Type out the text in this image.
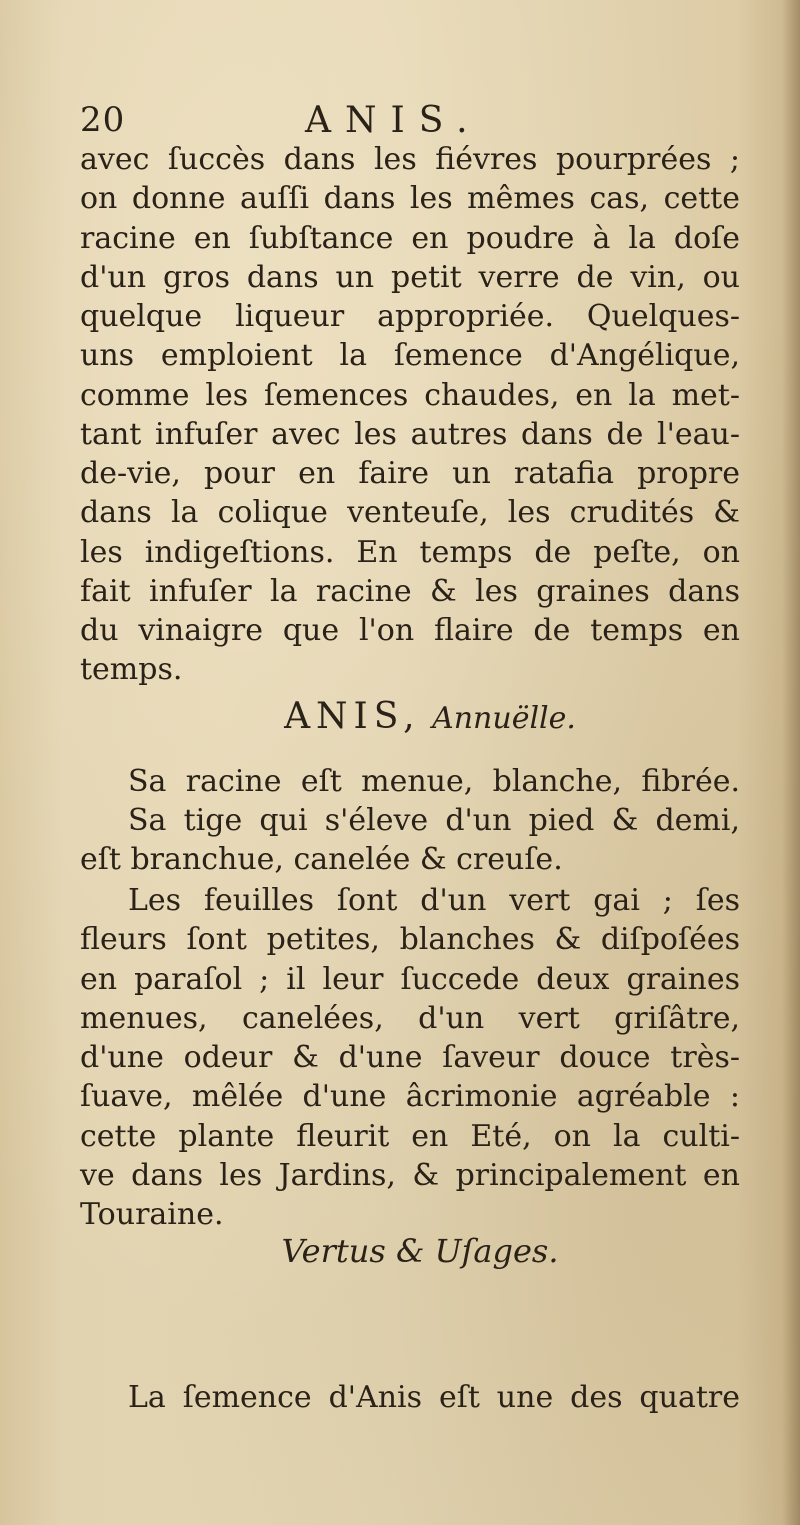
20	ANIS.
avec ſuccès dans les fiévres pourprées ;
on donne auſſi dans les mêmes cas, cette
racine en ſubſtance en poudre à la doſe
d'un gros dans un petit verre de vin, ou
quelque liqueur appropriée. Quelques-
uns emploient la ſemence d'Angélique,
comme les ſemences chaudes, en la met-
tant infuſer avec les autres dans de l'eau-
de-vie, pour en faire un ratafia propre
dans la colique venteuſe, les crudités &
les indigeſtions. En temps de peſte, on
fait infuſer la racine & les graines dans
du vinaigre que l'on flaire de temps en
temps.
ANIS, Annuëlle.
Sa racine eſt menue, blanche, fibrée.
Sa tige qui s'éleve d'un pied & demi,
eſt branchue, canelée & creuſe.
Les feuilles ſont d'un vert gai ; ſes
fleurs ſont petites, blanches & diſpoſées
en paraſol ; il leur ſuccede deux graines
menues, canelées, d'un vert griſâtre,
d'une odeur & d'une ſaveur douce très-
ſuave, mêlée d'une âcrimonie agréable :
cette plante fleurit en Eté, on la culti-
ve dans les Jardins, & principalement en
Touraine.
Vertus & Uſages.
La ſemence d'Anis eſt une des quatre
